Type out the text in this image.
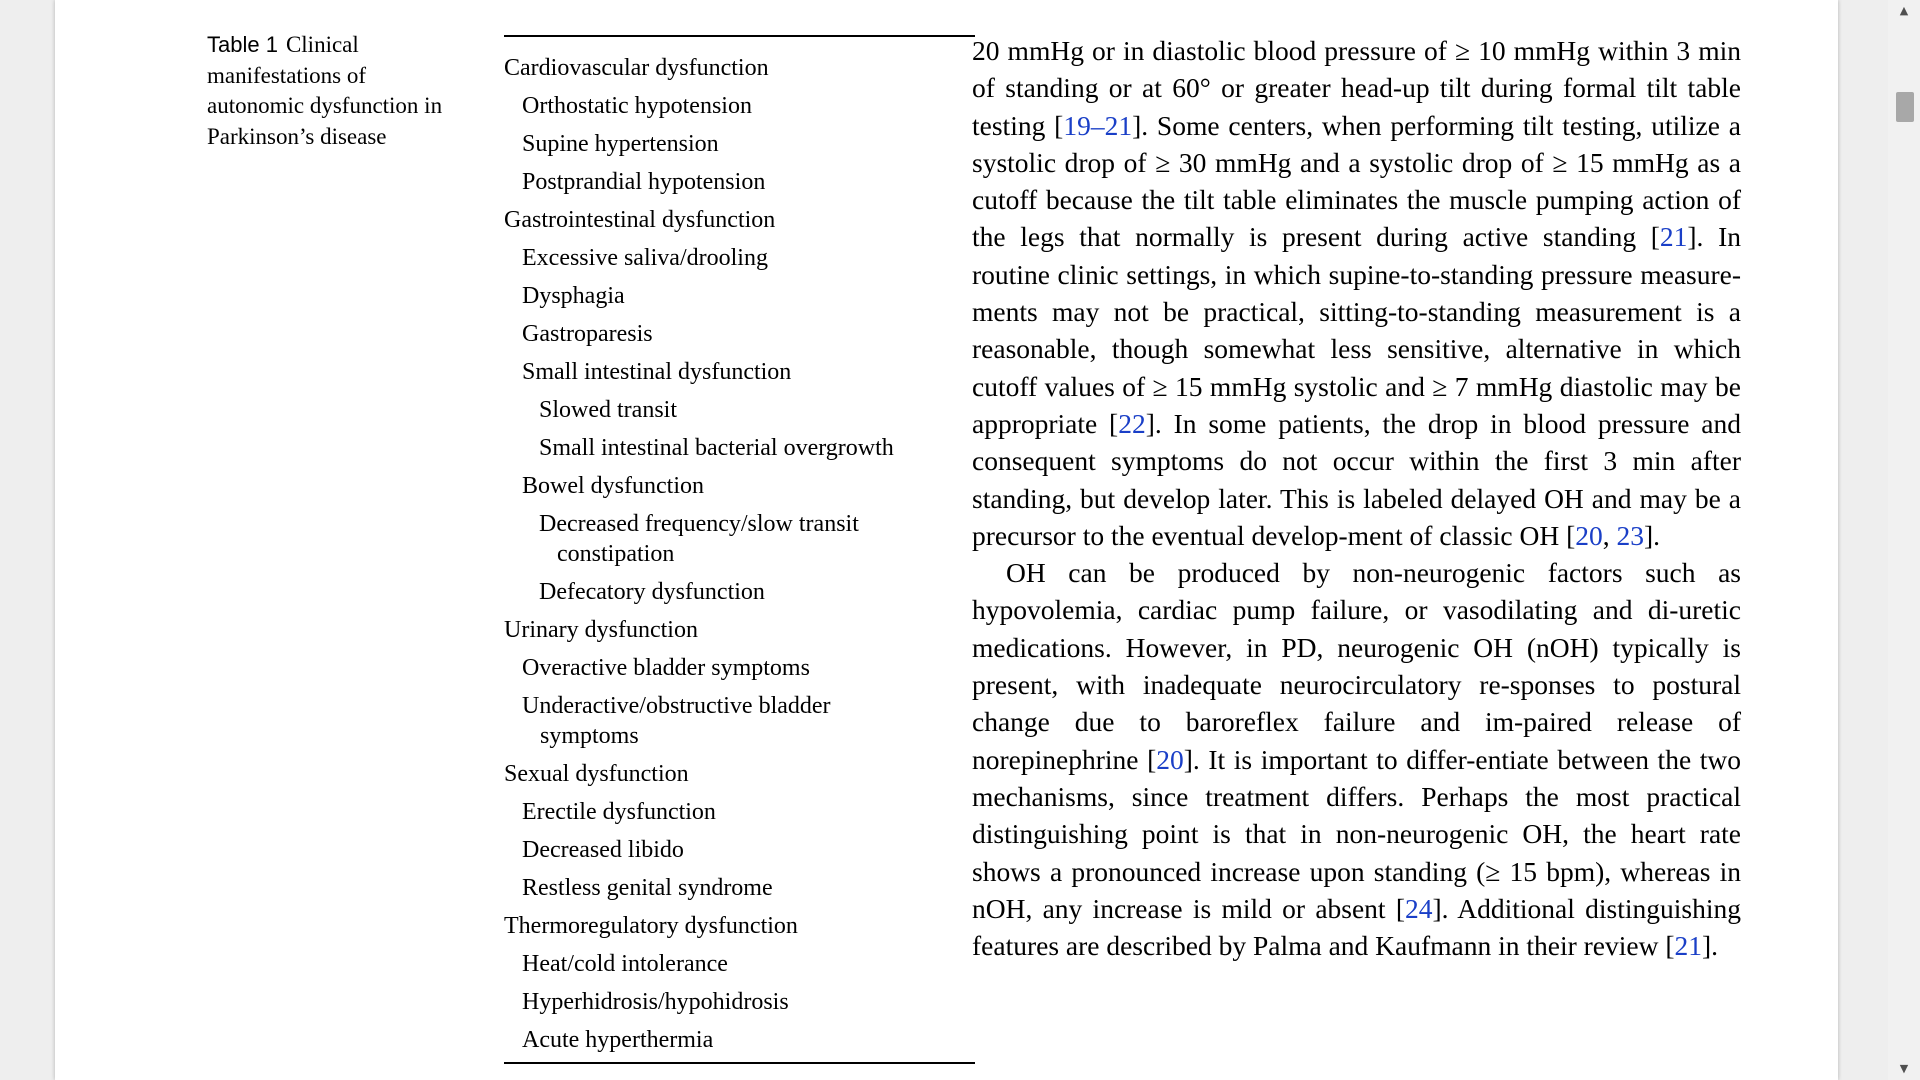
Table 1 Clinical manifestations of autonomic dysfunction in Parkinson’s disease
Cardiovascular dysfunction
Orthostatic hypotension
Supine hypertension
Postprandial hypotension
Gastrointestinal dysfunction
Excessive saliva/drooling
Dysphagia
Gastroparesis
Small intestinal dysfunction
Slowed transit
Small intestinal bacterial overgrowth
Bowel dysfunction
Decreased frequency/slow transit
constipation
Defecatory dysfunction
Urinary dysfunction
Overactive bladder symptoms
Underactive/obstructive bladder
symptoms
Sexual dysfunction
Erectile dysfunction
Decreased libido
Restless genital syndrome
Thermoregulatory dysfunction
Heat/cold intolerance
Hyperhidrosis/hypohidrosis
Acute hyperthermia

20 mmHg or in diastolic blood pressure of ≥ 10 mmHg within 3 min of standing or at 60° or greater head-up tilt during formal tilt table testing [19–21]. Some centers, when performing tilt testing, utilize a systolic drop of ≥ 30 mmHg and a systolic drop of ≥ 15 mmHg as a cutoff because the tilt table eliminates the muscle pumping action of the legs that normally is present during active standing [21]. In routine clinic settings, in which supine-to-standing pressure measure-ments may not be practical, sitting-to-standing measurement is a reasonable, though somewhat less sensitive, alternative in which cutoff values of ≥ 15 mmHg systolic and ≥ 7 mmHg diastolic may be appropriate [22]. In some patients, the drop in blood pressure and consequent symptoms do not occur within the first 3 min after standing, but develop later. This is labeled delayed OH and may be a precursor to the eventual develop-ment of classic OH [20, 23].

OH can be produced by non-neurogenic factors such as hypovolemia, cardiac pump failure, or vasodilating and di-uretic medications. However, in PD, neurogenic OH (nOH) typically is present, with inadequate neurocirculatory re-sponses to postural change due to baroreflex failure and im-paired release of norepinephrine [20]. It is important to differ-entiate between the two mechanisms, since treatment differs. Perhaps the most practical distinguishing point is that in non-neurogenic OH, the heart rate shows a pronounced increase upon standing (≥ 15 bpm), whereas in nOH, any increase is mild or absent [24]. Additional distinguishing features are described by Palma and Kaufmann in their review [21].

▲
▼
